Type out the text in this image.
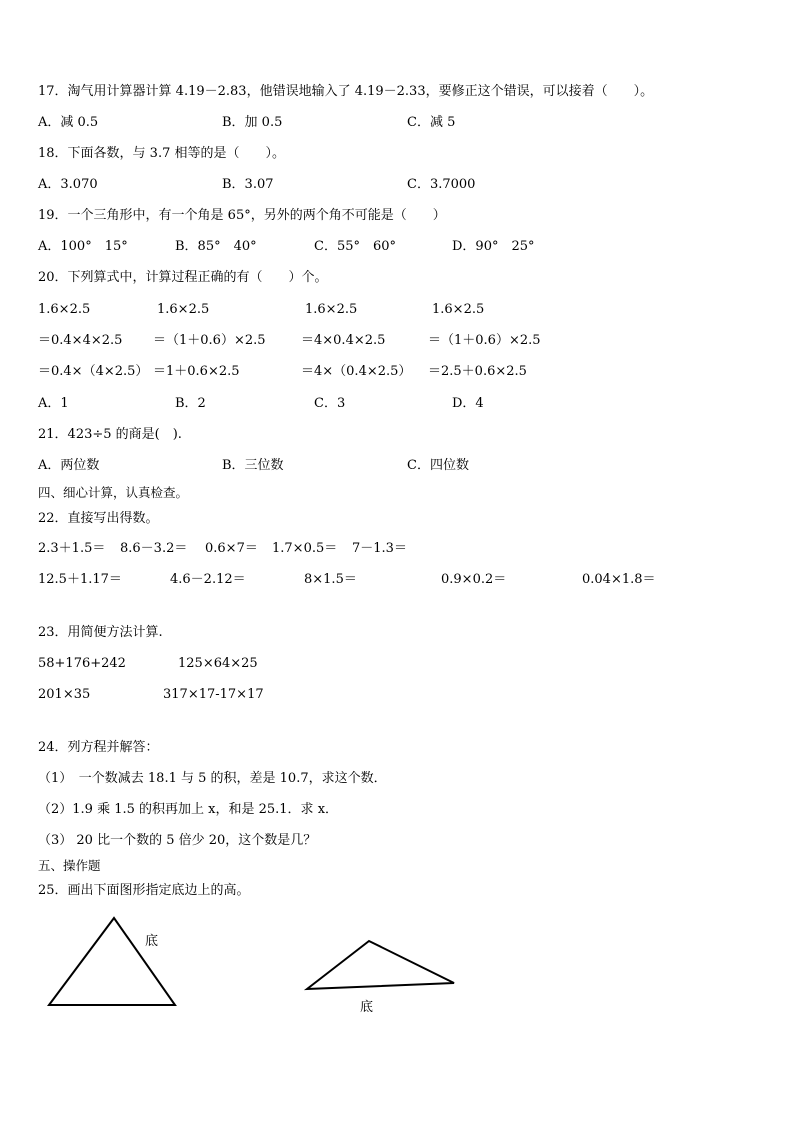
17．淘气用计算器计算 4.19－2.83，他错误地输入了 4.19－2.33，要修正这个错误，可以接着（　　）。
A．减 0.5	B．加 0.5	C．减 5
18．下面各数，与 3.7 相等的是（　　）。
A．3.070	B．3.07	C．3.7000
19．一个三角形中，有一个角是 65°，另外的两个角不可能是（　　）
A．100°　15°	B．85°　40°	C．55°　60°	D．90°　25°
20．下列算式中，计算过程正确的有（　　）个。
1.6×2.5	1.6×2.5	1.6×2.5	1.6×2.5
＝0.4×4×2.5 ＝（1＋0.6）×2.5	＝4×0.4×2.5	＝（1＋0.6）×2.5
＝0.4×（4×2.5） ＝1＋0.6×2.5	＝4×（0.4×2.5） ＝2.5＋0.6×2.5
A．1	B．2	C．3	D．4
21．423÷5 的商是(　).
A．两位数	B．三位数	C．四位数
四、细心计算，认真检查。
22．直接写出得数。
2.3＋1.5＝ 8.6－3.2＝ 0.6×7＝ 1.7×0.5＝ 7－1.3＝
12.5＋1.17＝	4.6－2.12＝	8×1.5＝	0.9×0.2＝	0.04×1.8＝
23．用简便方法计算.
58+176+242	125×64×25
201×35	317×17-17×17
24．列方程并解答：
（1）　一个数减去 18.1 与 5 的积，差是 10.7，求这个数．
（2）1.9 乘 1.5 的积再加上 x，和是 25.1．求 x．
（3） 20 比一个数的 5 倍少 20，这个数是几？
五、操作题
25．画出下面图形指定底边上的高。
底
底
